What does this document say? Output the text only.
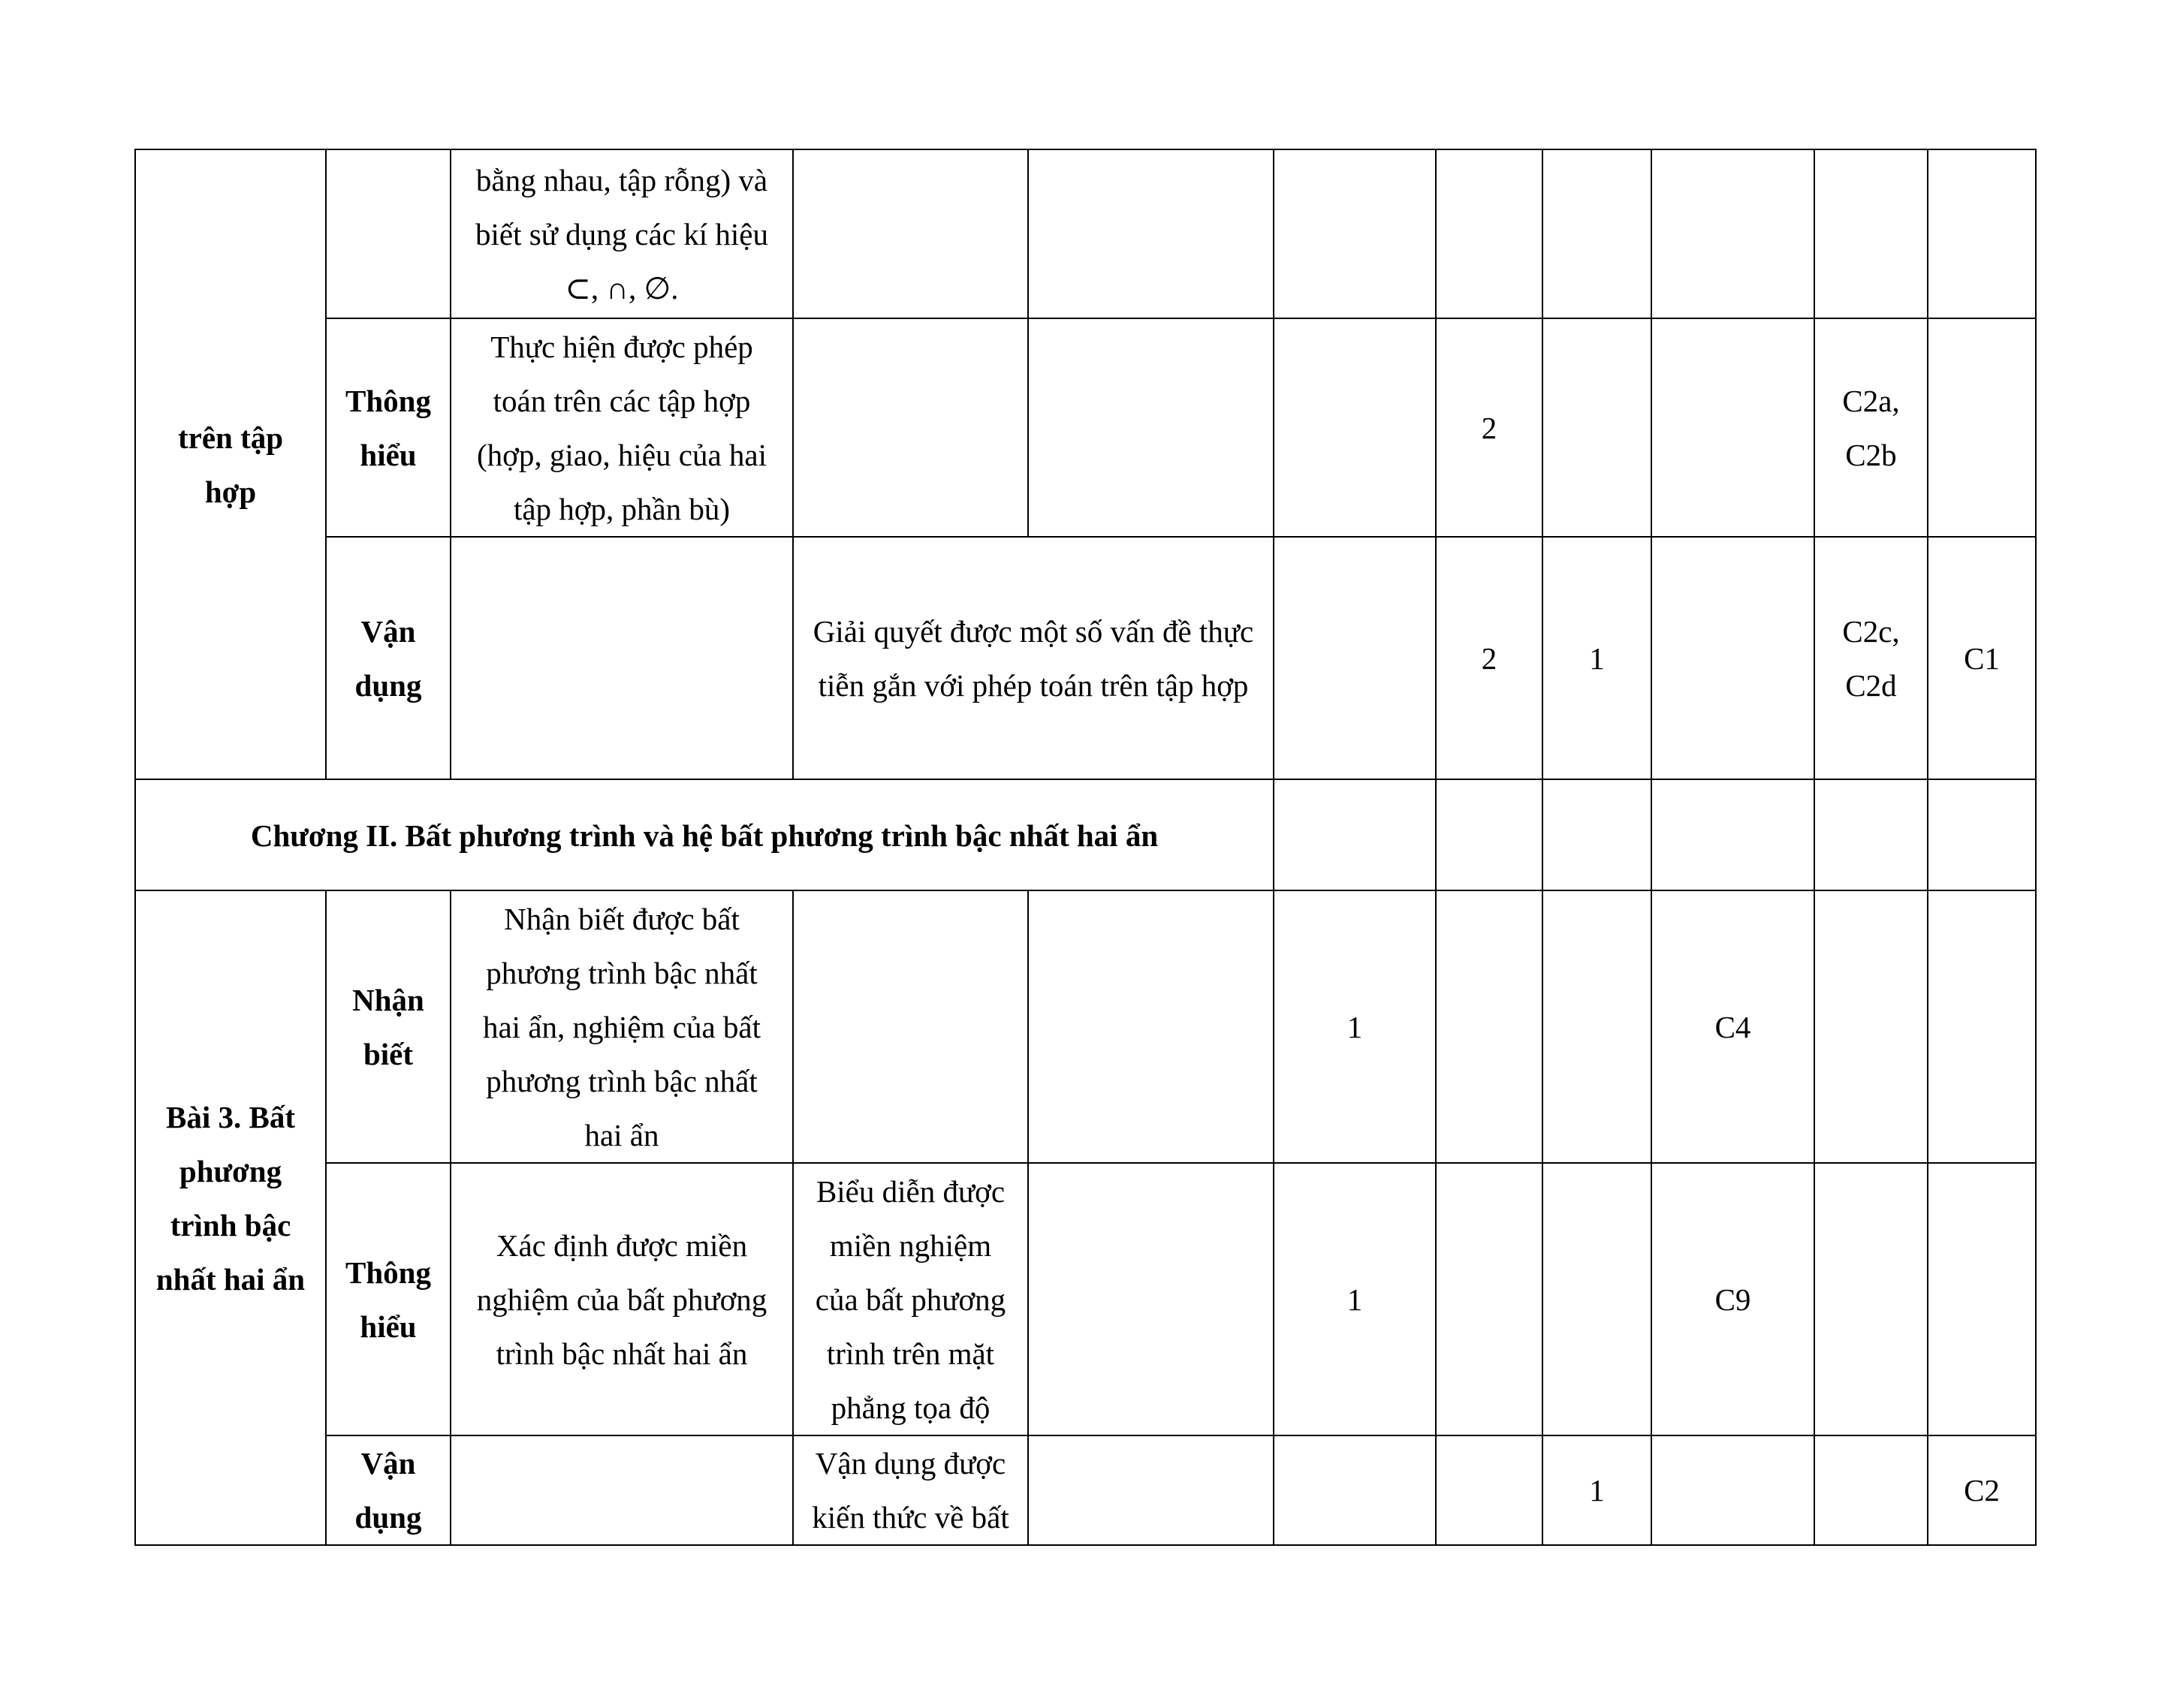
trên tập
hợp		bằng nhau, tập rỗng) và
biết sử dụng các kí hiệu
⊂, ∩, ∅.								

	Thông
hiểu	Thực hiện được phép toán trên các tập hợp (hợp, giao, hiệu của hai tập hợp, phần bù)				2			C2a,
C2b	

	Vận
dụng		Giải quyết được một số vấn đề thực
tiễn gắn với phép toán trên tập hợp			2	1		C2c,
C2d	C1
Chương II. Bất phương trình và hệ bất phương trình bậc nhất hai ẩn										

Bài 3. Bất
phương
trình bậc
nhất hai ẩn	Nhận
biết	Nhận biết được bất
phương trình bậc nhất
hai ẩn, nghiệm của bất
phương trình bậc nhất
hai ẩn			1			C4		

	Thông
hiểu	Xác định được miền
nghiệm của bất phương
trình bậc nhất hai ẩn	Biểu diễn được miền nghiệm của bất phương trình trên mặt phẳng tọa độ		1			C9		

	Vận
dụng		Vận dụng được
kiến thức về bất				1			C2
